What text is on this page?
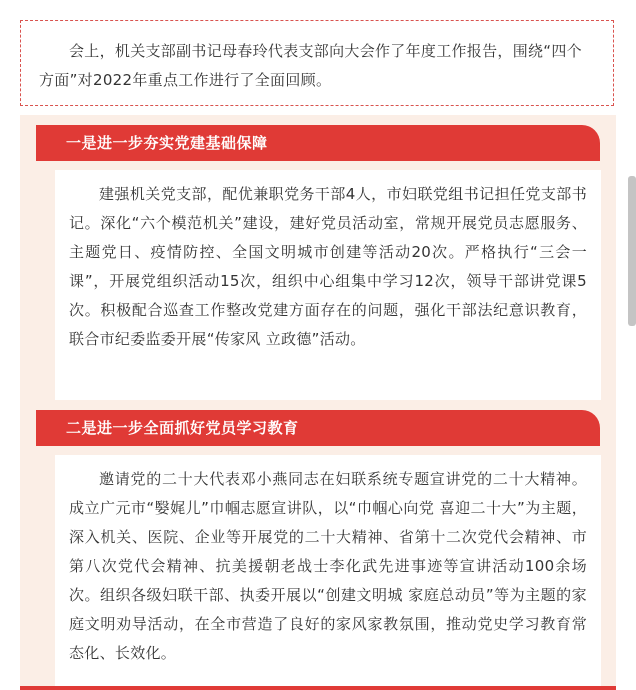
会上，机关支部副书记母春玲代表支部向大会作了年度工作报告，围绕“四个方面”对2022年重点工作进行了全面回顾。
一是进一步夯实党建基础保障
建强机关党支部，配优兼职党务干部4人，市妇联党组书记担任党支部书记。深化“六个模范机关”建设，建好党员活动室，常规开展党员志愿服务、主题党日、疫情防控、全国文明城市创建等活动20次。严格执行“三会一课”，开展党组织活动15次，组织中心组集中学习12次，领导干部讲党课5次。积极配合巡查工作整改党建方面存在的问题，强化干部法纪意识教育，联合市纪委监委开展“传家风 立政德”活动。
二是进一步全面抓好党员学习教育
邀请党的二十大代表邓小燕同志在妇联系统专题宣讲党的二十大精神。成立广元市“嫛娓儿”巾帼志愿宣讲队，以“巾帼心向党 喜迎二十大”为主题，深入机关、医院、企业等开展党的二十大精神、省第十二次党代会精神、市第八次党代会精神、抗美援朝老战士李化武先进事迹等宣讲活动100余场次。组织各级妇联干部、执委开展以“创建文明城 家庭总动员”等为主题的家庭文明劝导活动，在全市营造了良好的家风家教氛围，推动党史学习教育常态化、长效化。
